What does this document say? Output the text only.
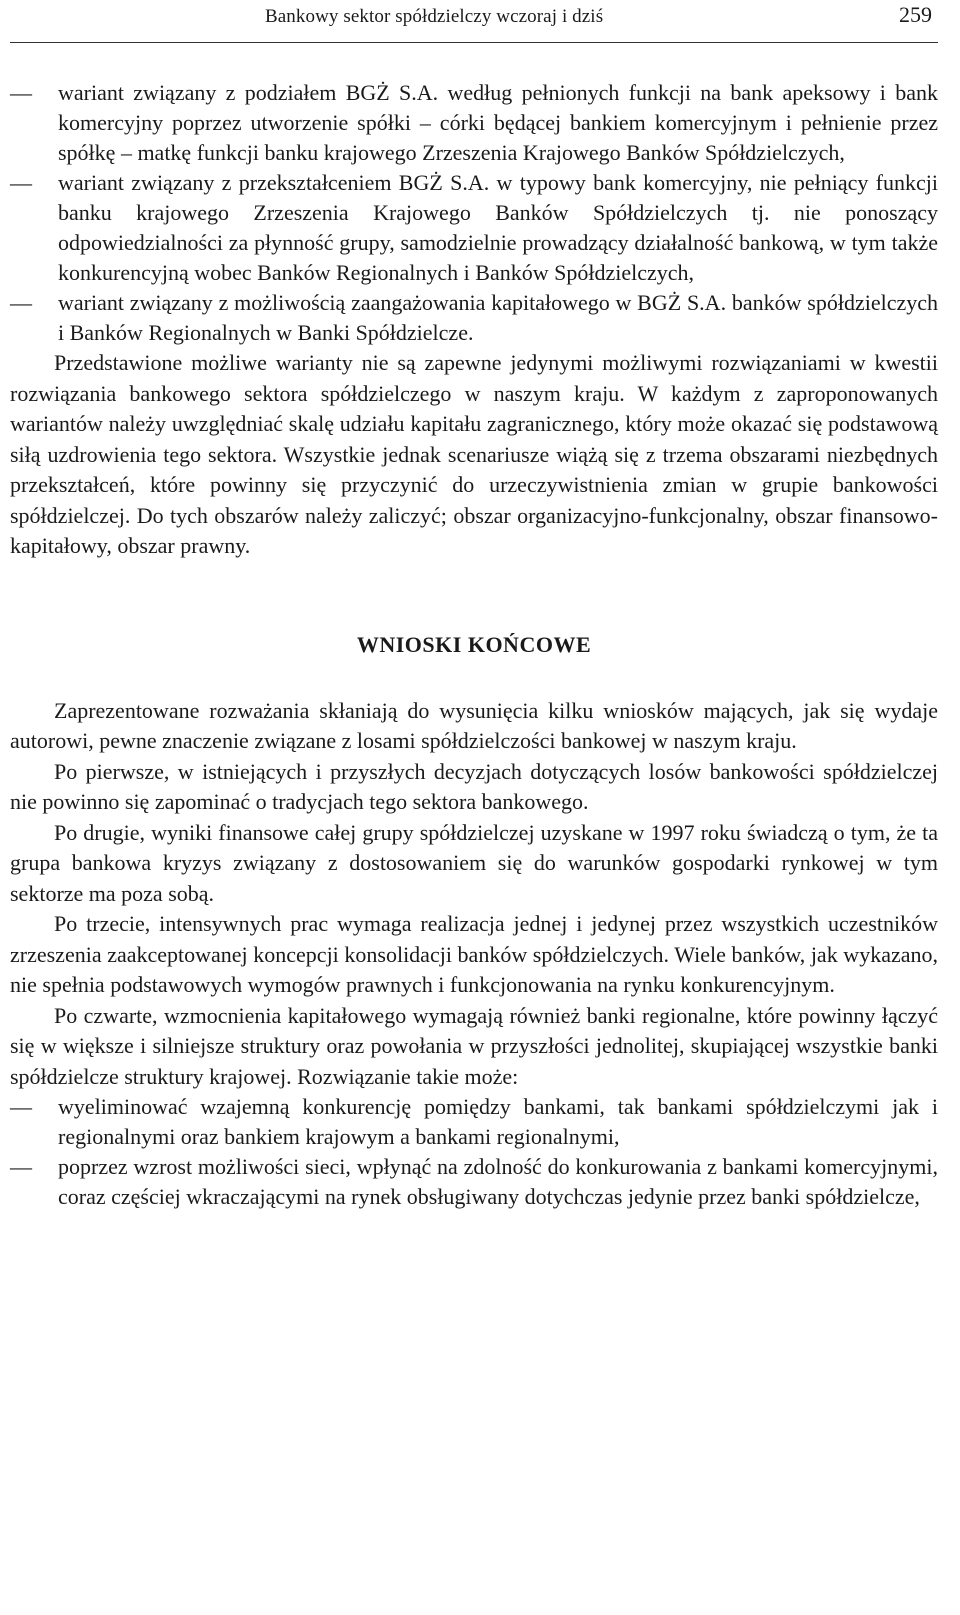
Bankowy sektor spółdzielczy wczoraj i dziś	259
—	wariant związany z podziałem BGŻ S.A. według pełnionych funkcji na bank apeksowy i bank komercyjny poprzez utworzenie spółki – córki będącej bankiem komercyjnym i pełnienie przez spółkę – matkę funkcji banku krajowego Zrzeszenia Krajowego Banków Spółdzielczych,

—	wariant związany z przekształceniem BGŻ S.A. w typowy bank komercyjny, nie pełniący funkcji banku krajowego Zrzeszenia Krajowego Banków Spółdzielczych tj. nie ponoszący odpowiedzialności za płynność grupy, samodzielnie prowadzący działalność bankową, w tym także konkurencyjną wobec Banków Regionalnych i Banków Spółdzielczych,

—	wariant związany z możliwością zaangażowania kapitałowego w BGŻ S.A. banków spółdzielczych i Banków Regionalnych w Banki Spółdzielcze.

Przedstawione możliwe warianty nie są zapewne jedynymi możliwymi rozwiązaniami w kwestii rozwiązania bankowego sektora spółdzielczego w naszym kraju. W każdym z zaproponowanych wariantów należy uwzględniać skalę udziału kapitału zagranicznego, który może okazać się podstawową siłą uzdrowienia tego sektora. Wszystkie jednak scenariusze wiążą się z trzema obszarami niezbędnych przekształceń, które powinny się przyczynić do urzeczywistnienia zmian w grupie bankowości spółdzielczej. Do tych obszarów należy zaliczyć; obszar organizacyjno-funkcjonalny, obszar finansowo-kapitałowy, obszar prawny.

WNIOSKI KOŃCOWE

Zaprezentowane rozważania skłaniają do wysunięcia kilku wniosków mających, jak się wydaje autorowi, pewne znaczenie związane z losami spółdzielczości bankowej w naszym kraju.

Po pierwsze, w istniejących i przyszłych decyzjach dotyczących losów bankowości spółdzielczej nie powinno się zapominać o tradycjach tego sektora bankowego.

Po drugie, wyniki finansowe całej grupy spółdzielczej uzyskane w 1997 roku świadczą o tym, że ta grupa bankowa kryzys związany z dostosowaniem się do warunków gospodarki rynkowej w tym sektorze ma poza sobą.

Po trzecie, intensywnych prac wymaga realizacja jednej i jedynej przez wszystkich uczestników zrzeszenia zaakceptowanej koncepcji konsolidacji banków spółdzielczych. Wiele banków, jak wykazano, nie spełnia podstawowych wymogów prawnych i funkcjonowania na rynku konkurencyjnym.

Po czwarte, wzmocnienia kapitałowego wymagają również banki regionalne, które powinny łączyć się w większe i silniejsze struktury oraz powołania w przyszłości jednolitej, skupiającej wszystkie banki spółdzielcze struktury krajowej. Rozwiązanie takie może:

—	wyeliminować wzajemną konkurencję pomiędzy bankami, tak bankami spółdzielczymi jak i regionalnymi oraz bankiem krajowym a bankami regionalnymi,

—	poprzez wzrost możliwości sieci, wpłynąć na zdolność do konkurowania z bankami komercyjnymi, coraz częściej wkraczającymi na rynek obsługiwany dotychczas jedynie przez banki spółdzielcze,
